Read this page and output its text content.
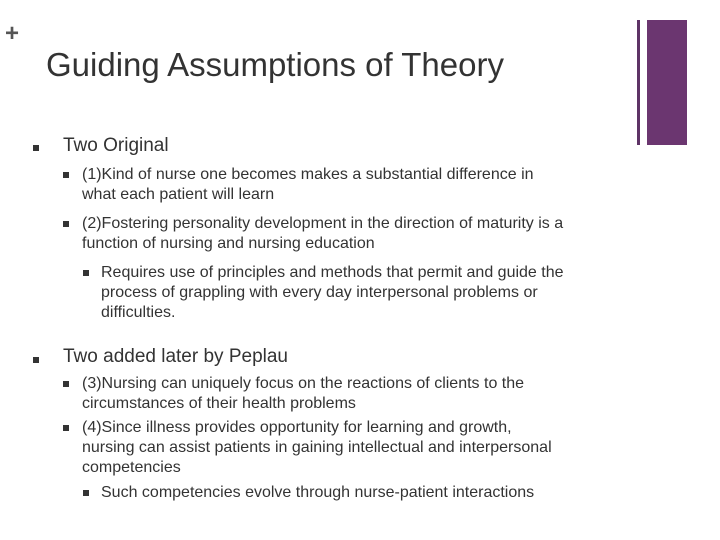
+
Guiding Assumptions of Theory
Two Original
(1)Kind of nurse one becomes makes a substantial difference in
what each patient will learn
(2)Fostering personality development in the direction of maturity is a
function of nursing and nursing education
Requires use of principles and methods that permit and guide the
process of grappling with every day interpersonal problems or
difficulties.
Two added later by Peplau
(3)Nursing can uniquely focus on the reactions of clients to the
circumstances of their health problems
(4)Since illness provides opportunity for learning and growth,
nursing can assist patients in gaining intellectual and interpersonal
competencies
Such competencies evolve through nurse-patient interactions
